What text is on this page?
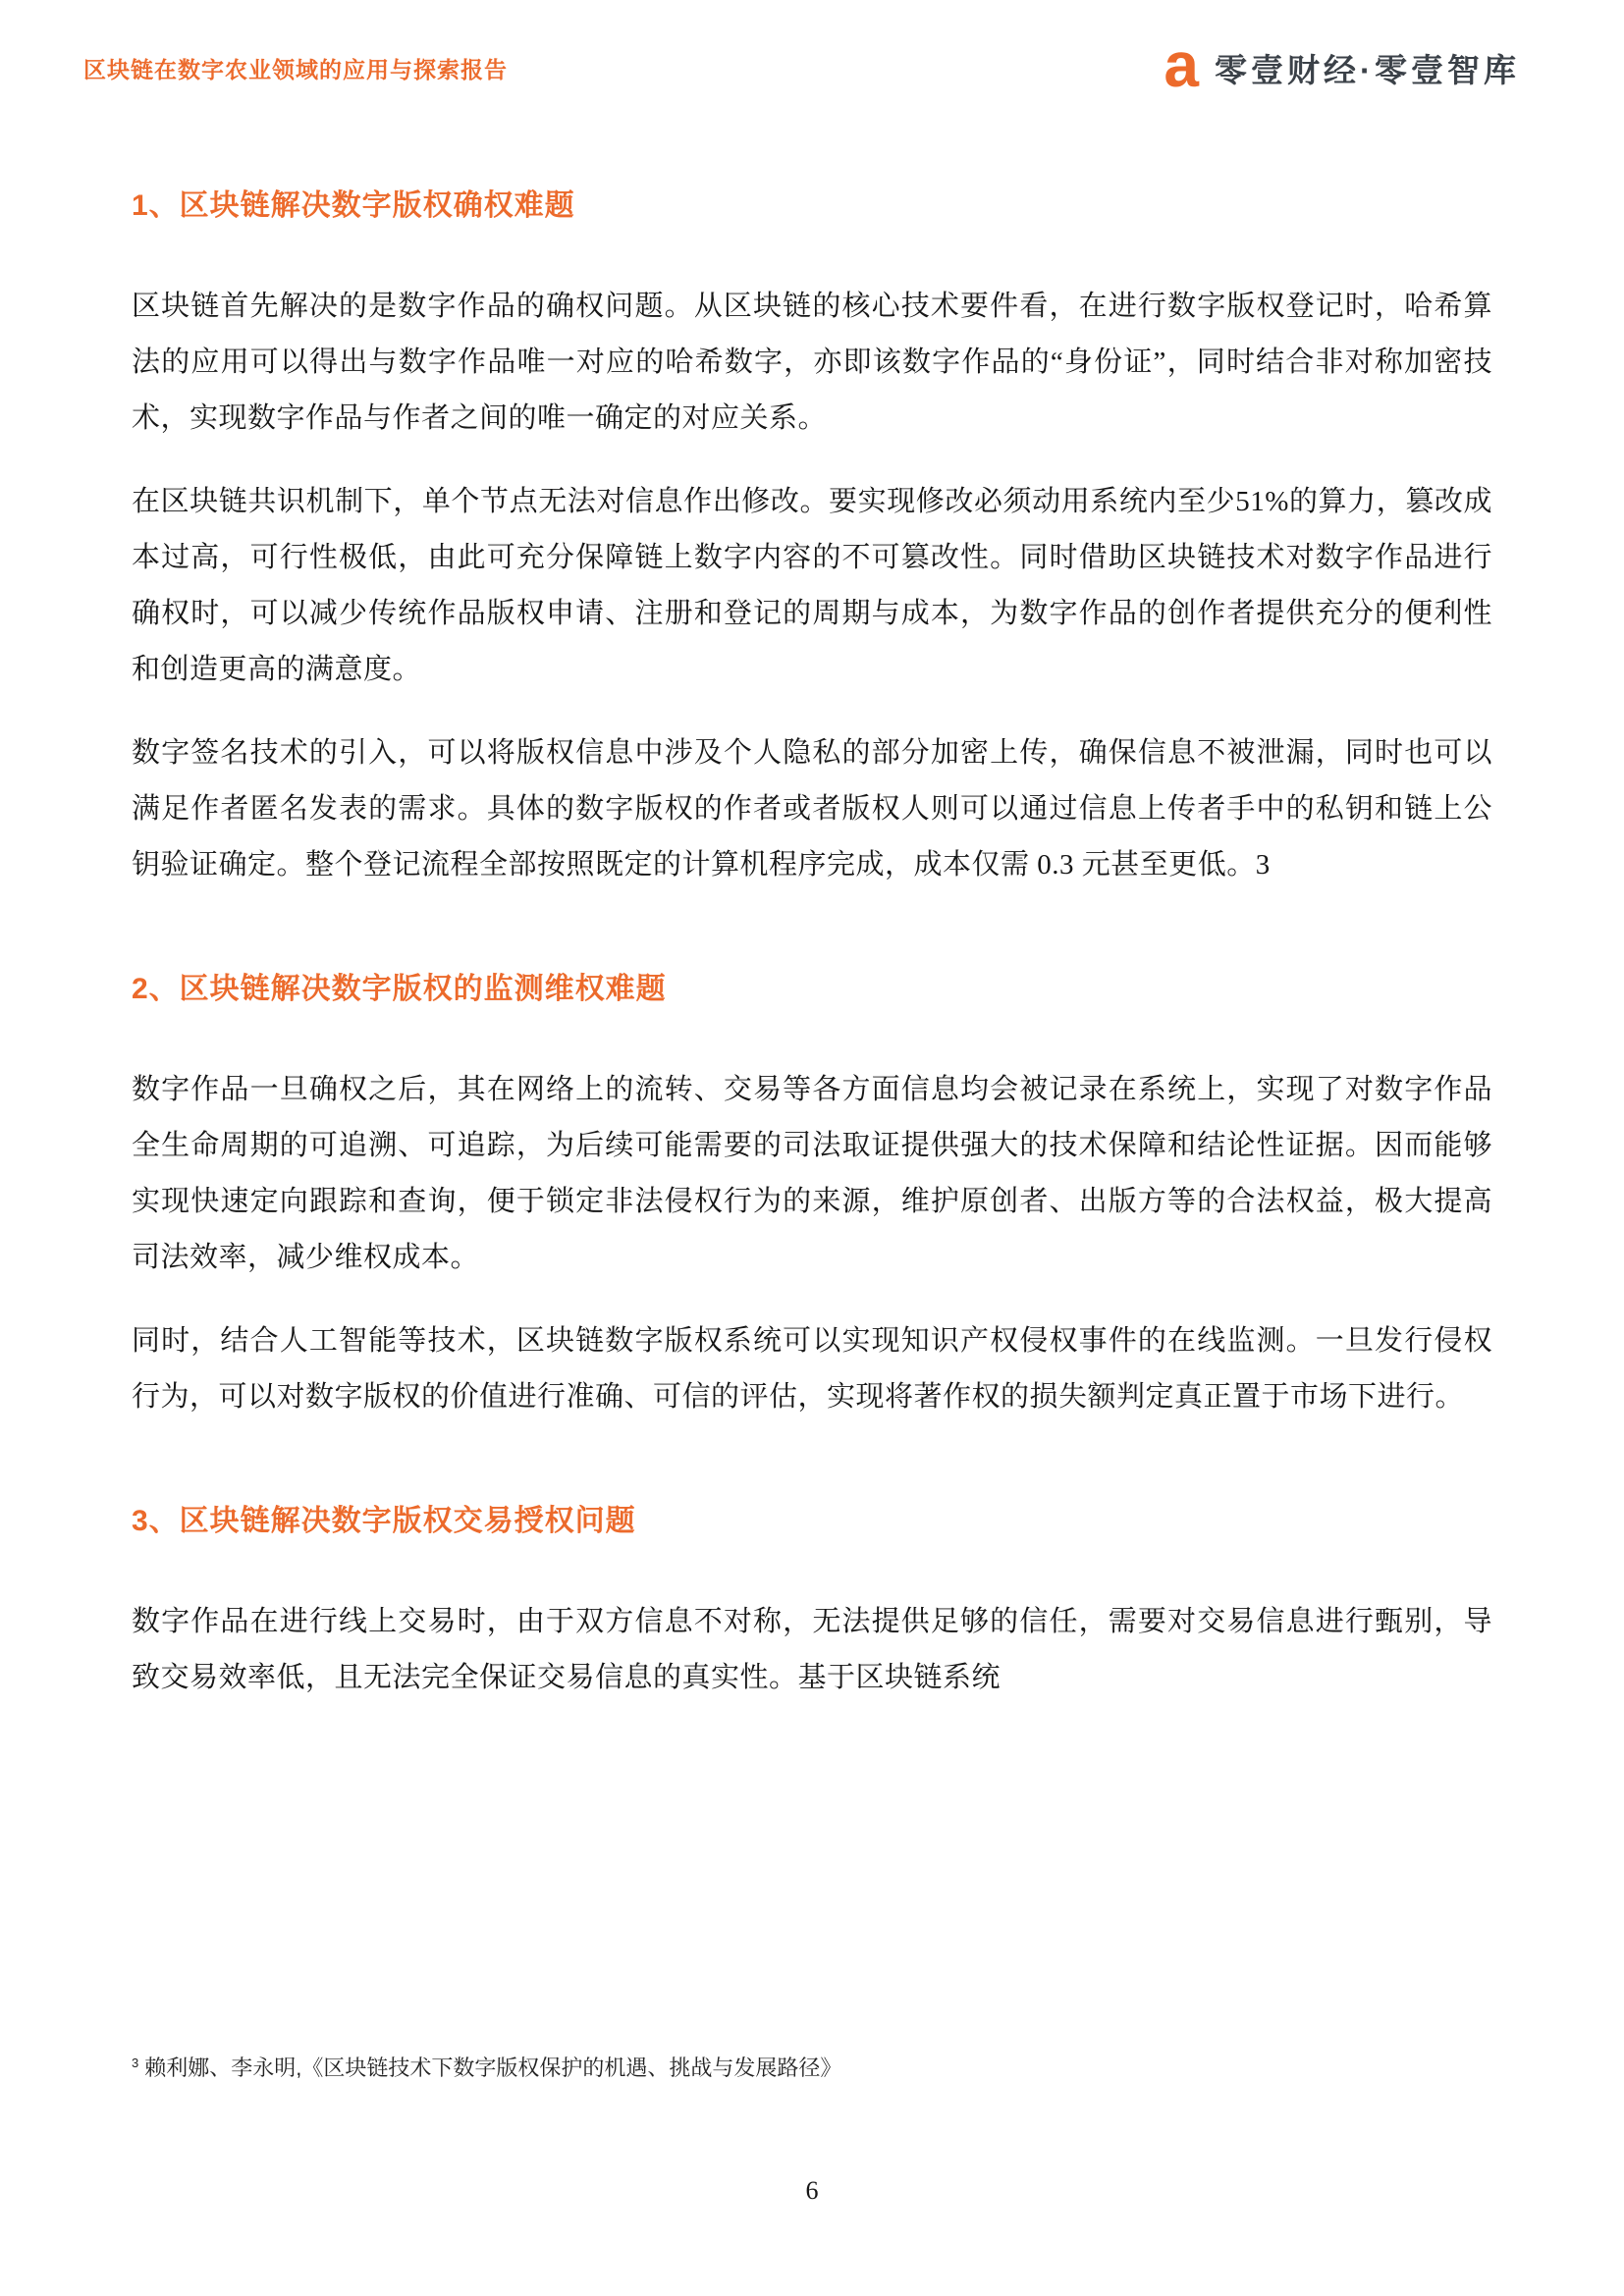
区块链在数字农业领域的应用与探索报告	a 零壹财经·零壹智库
1、区块链解决数字版权确权难题

区块链首先解决的是数字作品的确权问题。从区块链的核心技术要件看，在进行数字版权登记时，哈希算法的应用可以得出与数字作品唯一对应的哈希数字，亦即该数字作品的“身份证”，同时结合非对称加密技术，实现数字作品与作者之间的唯一确定的对应关系。

在区块链共识机制下，单个节点无法对信息作出修改。要实现修改必须动用系统内至少51%的算力，篡改成本过高，可行性极低，由此可充分保障链上数字内容的不可篡改性。同时借助区块链技术对数字作品进行确权时，可以减少传统作品版权申请、注册和登记的周期与成本，为数字作品的创作者提供充分的便利性和创造更高的满意度。

数字签名技术的引入，可以将版权信息中涉及个人隐私的部分加密上传，确保信息不被泄漏，同时也可以满足作者匿名发表的需求。具体的数字版权的作者或者版权人则可以通过信息上传者手中的私钥和链上公钥验证确定。整个登记流程全部按照既定的计算机程序完成，成本仅需 0.3 元甚至更低。3

2、区块链解决数字版权的监测维权难题

数字作品一旦确权之后，其在网络上的流转、交易等各方面信息均会被记录在系统上，实现了对数字作品全生命周期的可追溯、可追踪，为后续可能需要的司法取证提供强大的技术保障和结论性证据。因而能够实现快速定向跟踪和查询，便于锁定非法侵权行为的来源，维护原创者、出版方等的合法权益，极大提高司法效率，减少维权成本。

同时，结合人工智能等技术，区块链数字版权系统可以实现知识产权侵权事件的在线监测。一旦发行侵权行为，可以对数字版权的价值进行准确、可信的评估，实现将著作权的损失额判定真正置于市场下进行。

3、区块链解决数字版权交易授权问题

数字作品在进行线上交易时，由于双方信息不对称，无法提供足够的信任，需要对交易信息进行甄别，导致交易效率低，且无法完全保证交易信息的真实性。基于区块链系统

$^3$ 赖利娜、李永明,《区块链技术下数字版权保护的机遇、挑战与发展路径》
6
